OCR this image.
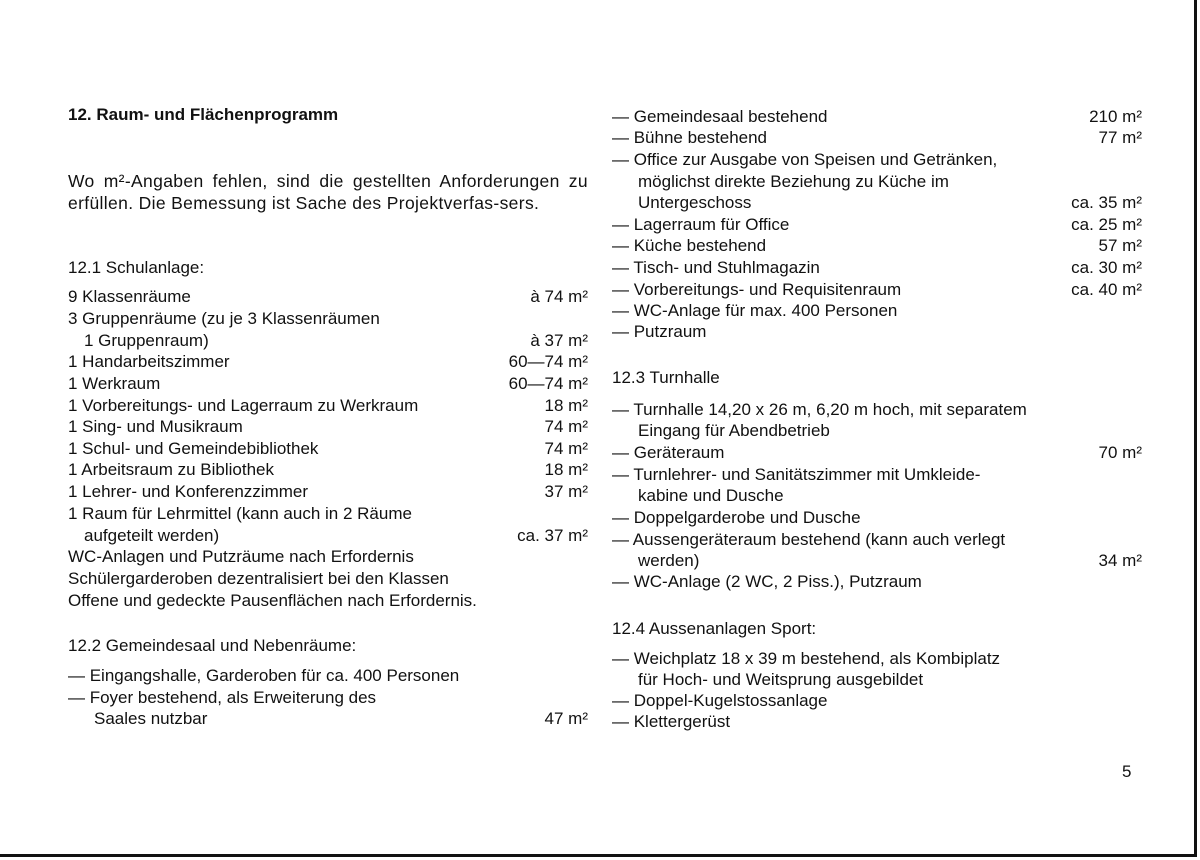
12. Raum- und Flächenprogramm
Wo m²-Angaben fehlen, sind die gestellten Anforderungen zu erfüllen. Die Bemessung ist Sache des Projektverfas-sers.
12.1 Schulanlage:
9 Klassenräume	à 74 m²
3 Gruppenräume (zu je 3 Klassenräumen
1 Gruppenraum)	à 37 m²
1 Handarbeitszimmer	60—74 m²
1 Werkraum	60—74 m²
1 Vorbereitungs- und Lagerraum zu Werkraum	18 m²
1 Sing- und Musikraum	74 m²
1 Schul- und Gemeindebibliothek	74 m²
1 Arbeitsraum zu Bibliothek	18 m²
1 Lehrer- und Konferenzzimmer	37 m²
1 Raum für Lehrmittel (kann auch in 2 Räume
aufgeteilt werden)	ca. 37 m²
WC-Anlagen und Putzräume nach Erfordernis
Schülergarderoben dezentralisiert bei den Klassen
Offene und gedeckte Pausenflächen nach Erfordernis.
12.2 Gemeindesaal und Nebenräume:
— Eingangshalle, Garderoben für ca. 400 Personen
— Foyer bestehend, als Erweiterung des
Saales nutzbar	47 m²
— Gemeindesaal bestehend	210 m²
— Bühne bestehend	77 m²
— Office zur Ausgabe von Speisen und Getränken,
möglichst direkte Beziehung zu Küche im
Untergeschoss	ca. 35 m²
— Lagerraum für Office	ca. 25 m²
— Küche bestehend	57 m²
— Tisch- und Stuhlmagazin	ca. 30 m²
— Vorbereitungs- und Requisitenraum	ca. 40 m²
— WC-Anlage für max. 400 Personen
— Putzraum
12.3 Turnhalle
— Turnhalle 14,20 x 26 m, 6,20 m hoch, mit separatem
Eingang für Abendbetrieb
— Geräteraum	70 m²
— Turnlehrer- und Sanitätszimmer mit Umkleide-
kabine und Dusche
— Doppelgarderobe und Dusche
— Aussengeräteraum bestehend (kann auch verlegt
werden)	34 m²
— WC-Anlage (2 WC, 2 Piss.), Putzraum
12.4 Aussenanlagen Sport:
— Weichplatz 18 x 39 m bestehend, als Kombiplatz
für Hoch- und Weitsprung ausgebildet
— Doppel-Kugelstossanlage
— Klettergerüst
5
